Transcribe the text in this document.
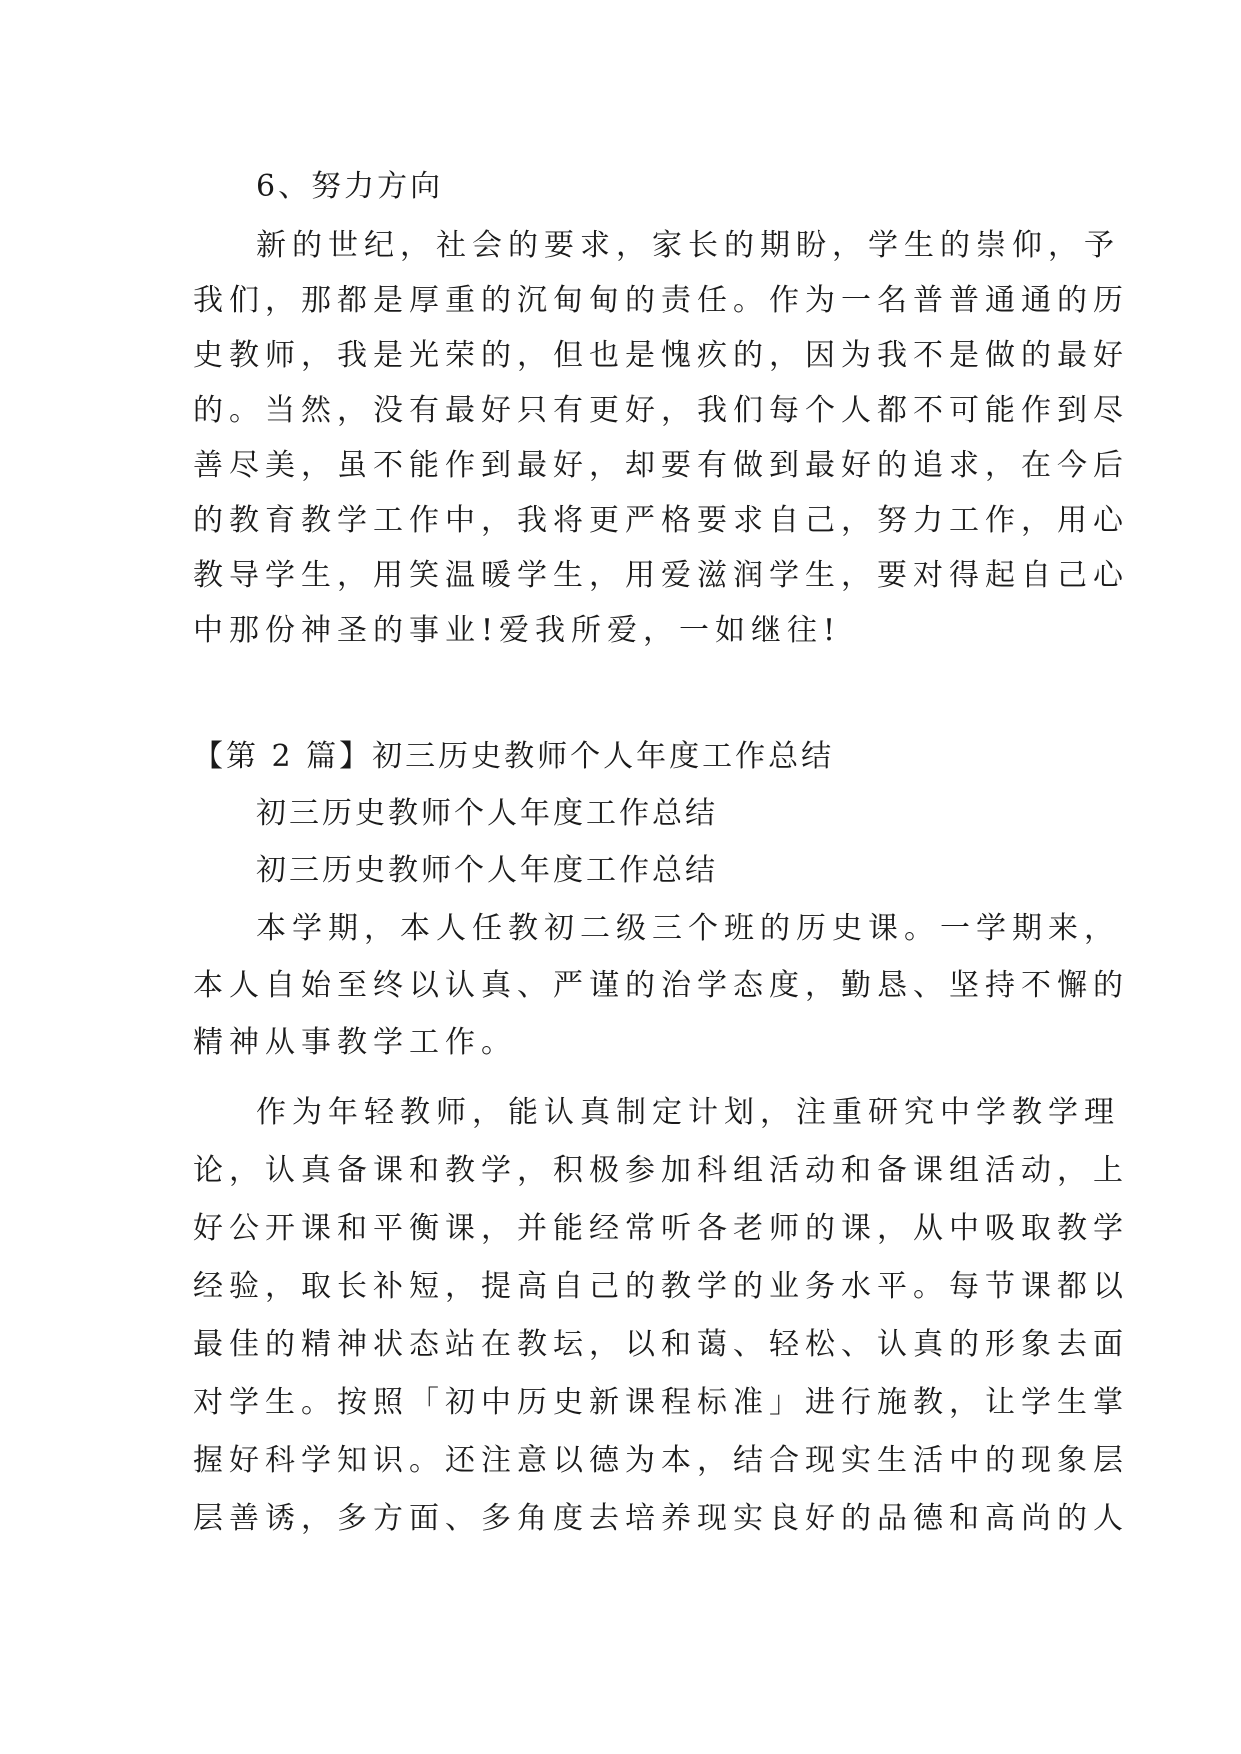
6、努力方向
新的世纪，社会的要求，家长的期盼，学生的崇仰，予
我们，那都是厚重的沉甸甸的责任。作为一名普普通通的历
史教师，我是光荣的，但也是愧疚的，因为我不是做的最好
的。当然，没有最好只有更好，我们每个人都不可能作到尽
善尽美，虽不能作到最好，却要有做到最好的追求，在今后
的教育教学工作中，我将更严格要求自己，努力工作，用心
教导学生，用笑温暖学生，用爱滋润学生，要对得起自己心
中那份神圣的事业!爱我所爱，一如继往!
【第 2 篇】初三历史教师个人年度工作总结
初三历史教师个人年度工作总结
初三历史教师个人年度工作总结
本学期，本人任教初二级三个班的历史课。一学期来，
本人自始至终以认真、严谨的治学态度，勤恳、坚持不懈的
精神从事教学工作。
作为年轻教师，能认真制定计划，注重研究中学教学理
论，认真备课和教学，积极参加科组活动和备课组活动，上
好公开课和平衡课，并能经常听各老师的课，从中吸取教学
经验，取长补短，提高自己的教学的业务水平。每节课都以
最佳的精神状态站在教坛，以和蔼、轻松、认真的形象去面
对学生。按照「初中历史新课程标准」进行施教，让学生掌
握好科学知识。还注意以德为本，结合现实生活中的现象层
层善诱，多方面、多角度去培养现实良好的品德和高尚的人
